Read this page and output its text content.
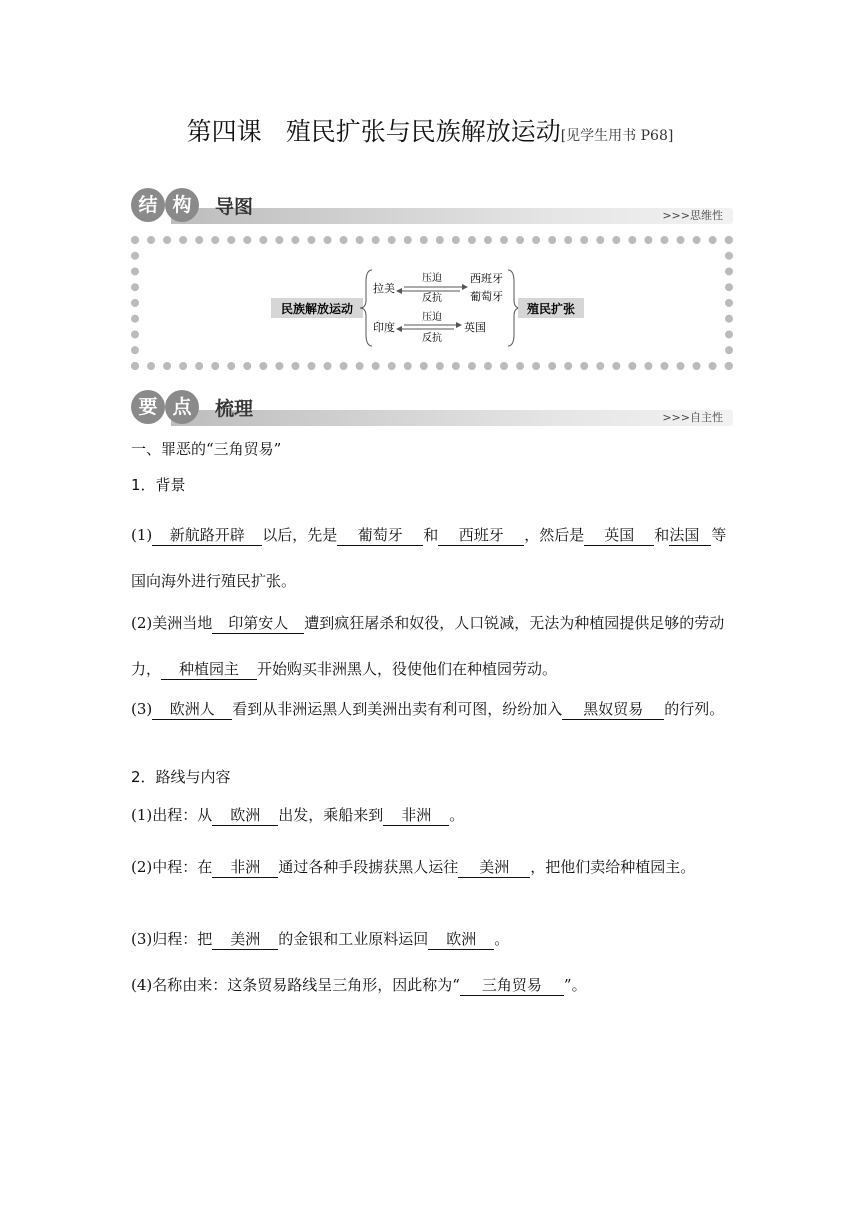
第四课 殖民扩张与民族解放运动[见学生用书 P68]
结 构	导图	>>>思维性
民族解放运动
拉美
压迫
反抗
西班牙
葡萄牙
印度
压迫
反抗
英国
殖民扩张
要 点	梳理	>>>自主性
一、罪恶的“三角贸易”
1．背景
(1) 新航路开辟 以后，先是 葡萄牙 和 西班牙 ，然后是 英国 和法国 等国向海外进行殖民扩张。
(2)美洲当地 印第安人 遭到疯狂屠杀和奴役，人口锐减，无法为种植园提供足够的劳动力， 种植园主 开始购买非洲黑人，役使他们在种植园劳动。
(3) 欧洲人 看到从非洲运黑人到美洲出卖有利可图，纷纷加入 黑奴贸易 的行列。
2．路线与内容
(1)出程：从 欧洲 出发，乘船来到 非洲 。
(2)中程：在 非洲 通过各种手段掳获黑人运往 美洲 ，把他们卖给种植园主。
(3)归程：把 美洲 的金银和工业原料运回 欧洲 。
(4)名称由来：这条贸易路线呈三角形，因此称为“ 三角贸易 ”。
